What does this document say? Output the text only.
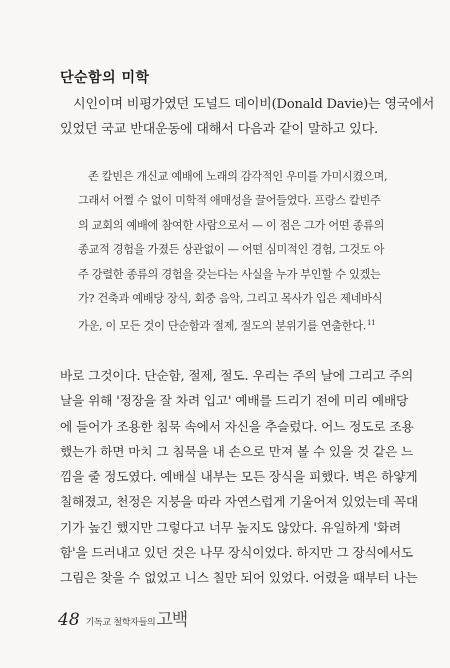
단순함의 미학
시인이며 비평가였던 도널드 데이비(Donald Davie)는 영국에서
있었던 국교 반대운동에 대해서 다음과 같이 말하고 있다.
존 칼빈은 개신교 예배에 노래의 감각적인 우미를 가미시켰으며,
그래서 어쩔 수 없이 미학적 애매성을 끌어들였다. 프랑스 칼빈주
의 교회의 예배에 참여한 사람으로서 — 이 점은 그가 어떤 종류의
종교적 경험을 가졌든 상관없이 — 어떤 심미적인 경험, 그것도 아
주 강렬한 종류의 경험을 갖는다는 사실을 누가 부인할 수 있겠는
가? 건축과 예배당 장식, 회중 음악, 그리고 목사가 입은 제네바식
가운, 이 모든 것이 단순함과 절제, 절도의 분위기를 연출한다.$^{11}$
바로 그것이다. 단순함, 절제, 절도. 우리는 주의 날에 그리고 주의
날을 위해 '정장을 잘 차려 입고' 예배를 드리기 전에 미리 예배당
에 들어가 조용한 침묵 속에서 자신을 추슬렀다. 어느 정도로 조용
했는가 하면 마치 그 침묵을 내 손으로 만져 볼 수 있을 것 같은 느
낌을 줄 정도였다. 예배실 내부는 모든 장식을 피했다. 벽은 하얗게
칠해졌고, 천정은 지붕을 따라 자연스럽게 기울어져 있었는데 꼭대
기가 높긴 했지만 그렇다고 너무 높지도 않았다. 유일하게 '화려
함'을 드러내고 있던 것은 나무 장식이었다. 하지만 그 장식에서도
그림은 찾을 수 없었고 니스 칠만 되어 있었다. 어렸을 때부터 나는
48 기독교 철학자들의 고백
